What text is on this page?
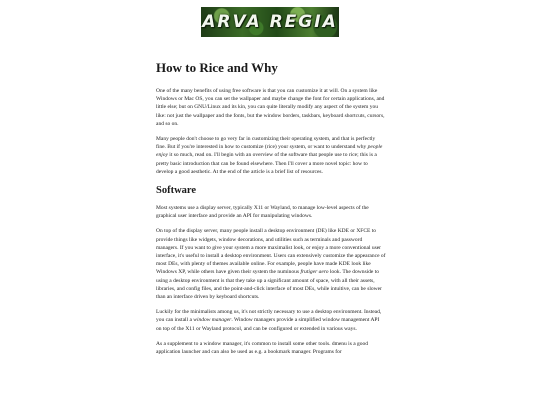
ARVA REGIA
How to Rice and Why

One of the many benefits of using free software is that you can customize it at will. On a system like Windows or Mac OS, you can set the wallpaper and maybe change the font for certain applications, and little else; but on GNU/Linux and its kin, you can quite literally modify any aspect of the system you like: not just the wallpaper and the fonts, but the window borders, taskbars, keyboard shortcuts, cursors, and so on.

Many people don't choose to go very far in customizing their operating system, and that is perfectly fine. But if you're interested in how to customize (rice) your system, or want to understand why people enjoy it so much, read on. I'll begin with an overview of the software that people use to rice; this is a pretty basic introduction that can be found elsewhere. Then I'll cover a more novel topic: how to develop a good aesthetic. At the end of the article is a brief list of resources.

Software

Most systems use a display server, typically X11 or Wayland, to manage low-level aspects of the graphical user interface and provide an API for manipulating windows.

On top of the display server, many people install a desktop environment (DE) like KDE or XFCE to provide things like widgets, window decorations, and utilities such as terminals and password managers. If you want to give your system a more maximalist look, or enjoy a more conventional user interface, it's useful to install a desktop environment. Users can extensively customize the appearance of most DEs, with plenty of themes available online. For example, people have made KDE look like Windows XP, while others have given their system the numinous frutiger aero look. The downside to using a desktop environment is that they take up a significant amount of space, with all their assets, libraries, and config files, and the point-and-click interface of most DEs, while intuitive, can be slower than an interface driven by keyboard shortcuts.

Luckily for the minimalists among us, it's not strictly necessary to use a desktop environment. Instead, you can install a window manager. Window managers provide a simplified window management API on top of the X11 or Wayland protocol, and can be configured or extended in various ways.

As a supplement to a window manager, it's common to install some other tools. dmenu is a good application launcher and can also be used as e.g. a bookmark manager. Programs for
